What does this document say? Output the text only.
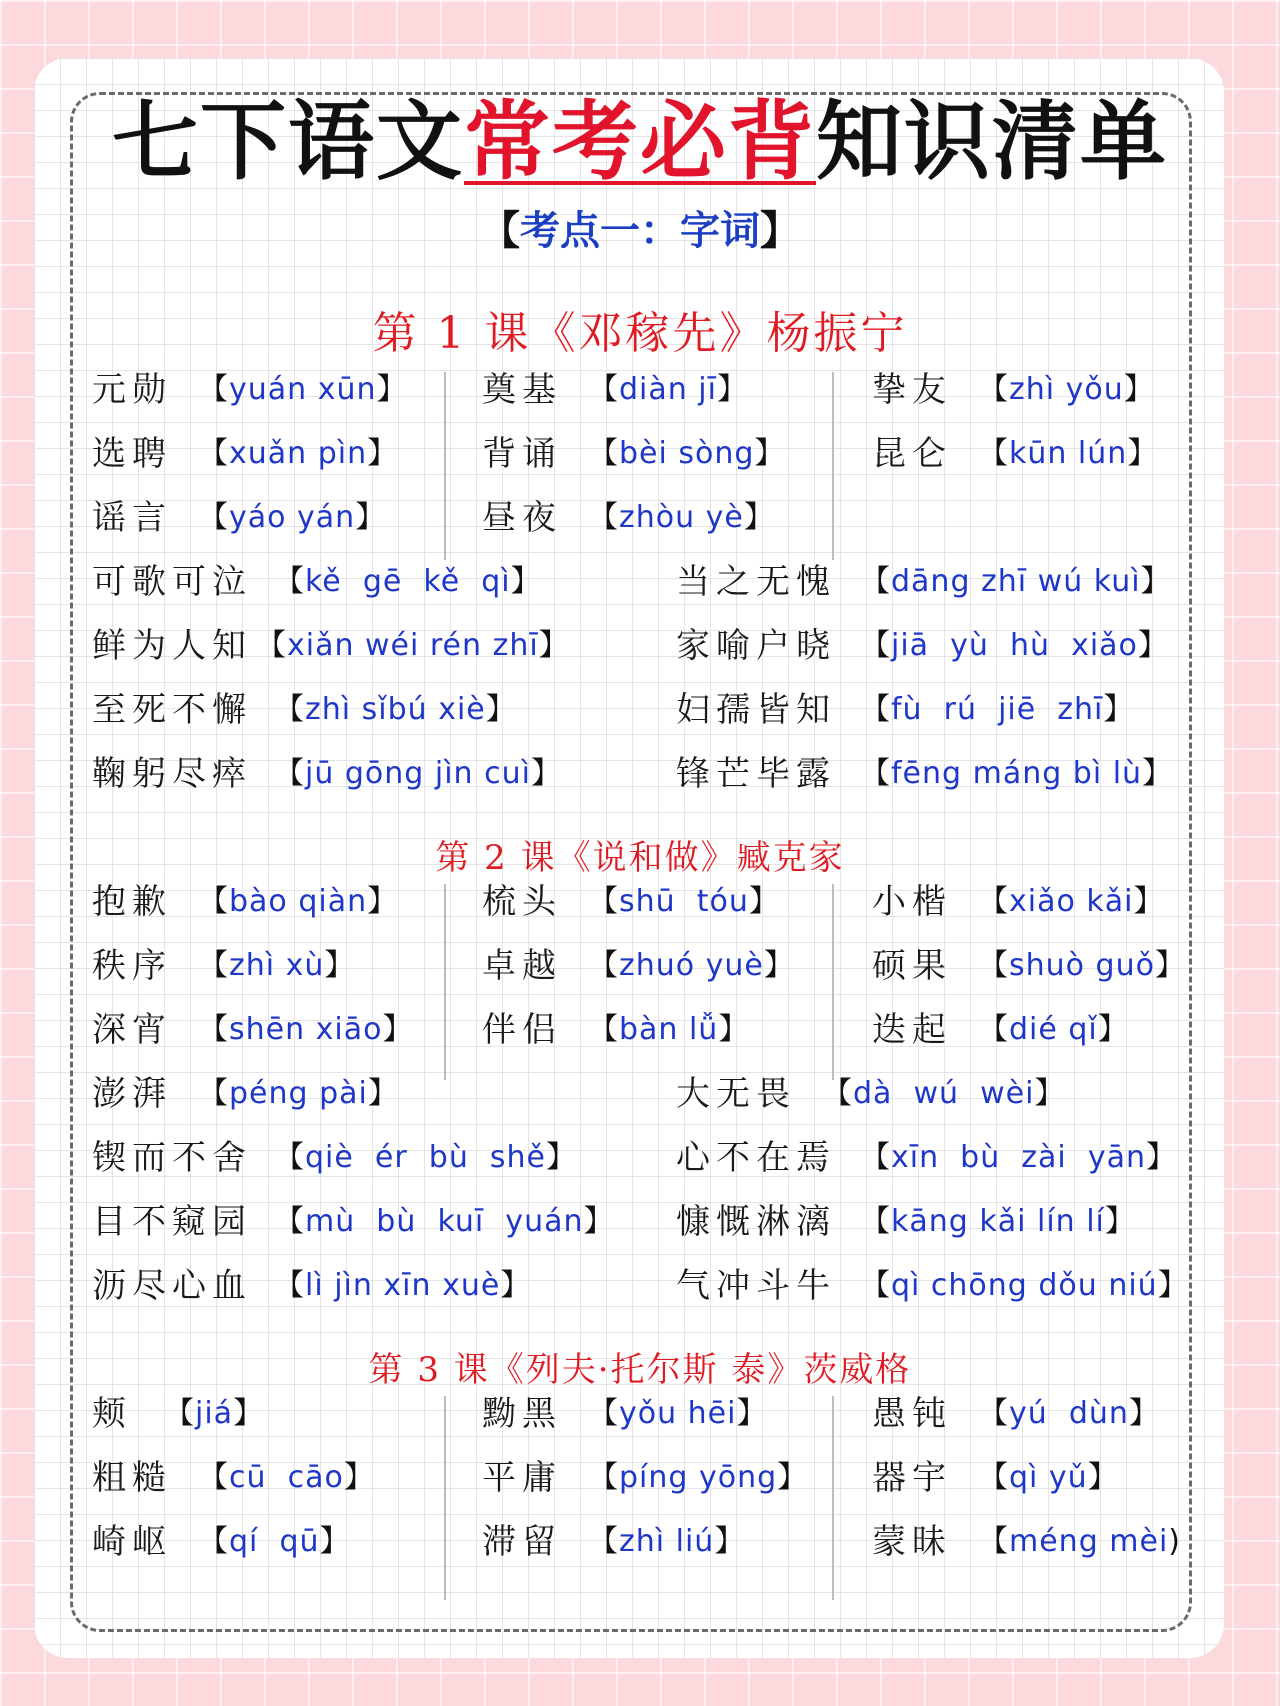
七下语文常考必背知识清单
【考点一：字词】
第 1 课《邓稼先》杨振宁
第 2 课《说和做》臧克家
第 3 课《列夫·托尔斯 泰》茨威格
元勋 【yuán xūn】 奠基 【diàn jī】	挚友 【zhì yǒu】
选聘 【xuǎn pìn】 背诵 【bèi sòng】	昆仑 【kūn lún】
谣言 【yáo yán】	昼夜 【zhòu yè】
可歌可泣 【kě  gē  kě  qì】	当之无愧 【dāng zhī wú kuì】
鲜为人知 【xiǎn wéi rén zhī】	家喻户晓 【jiā  yù  hù  xiǎo】
至死不懈 【zhì sǐbú xiè】	妇孺皆知 【fù  rú  jiē  zhī】
鞠躬尽瘁 【jū gōng jìn cuì】	锋芒毕露 【fēng máng bì lù】
抱歉 【bào qiàn】 梳头 【shū  tóu】	小楷 【xiǎo kǎi】
秩序 【zhì xù】	卓越 【zhuó yuè】 硕果 【shuò guǒ】
深宵 【shēn xiāo】 伴侣 【bàn lǚ】	迭起 【dié qǐ】
澎湃 【péng pài】	大无畏 【dà  wú  wèi】
锲而不舍 【qiè  ér  bù  shě】	心不在焉 【xīn  bù  zài  yān】
目不窥园 【mù  bù  kuī  yuán】 慷慨淋漓 【kāng kǎi lín lí】
沥尽心血 【lì jìn xīn xuè】	气冲斗牛 【qì chōng dǒu niú】
颊	【jiá】	黝黑 【yǒu hēi】	愚钝 【yú  dùn】
粗糙 【cū  cāo】	平庸 【píng yōng】 器宇 【qì yǔ】
崎岖 【qí  qū】	滞留 【zhì liú】	蒙昧 【méng mèi)
